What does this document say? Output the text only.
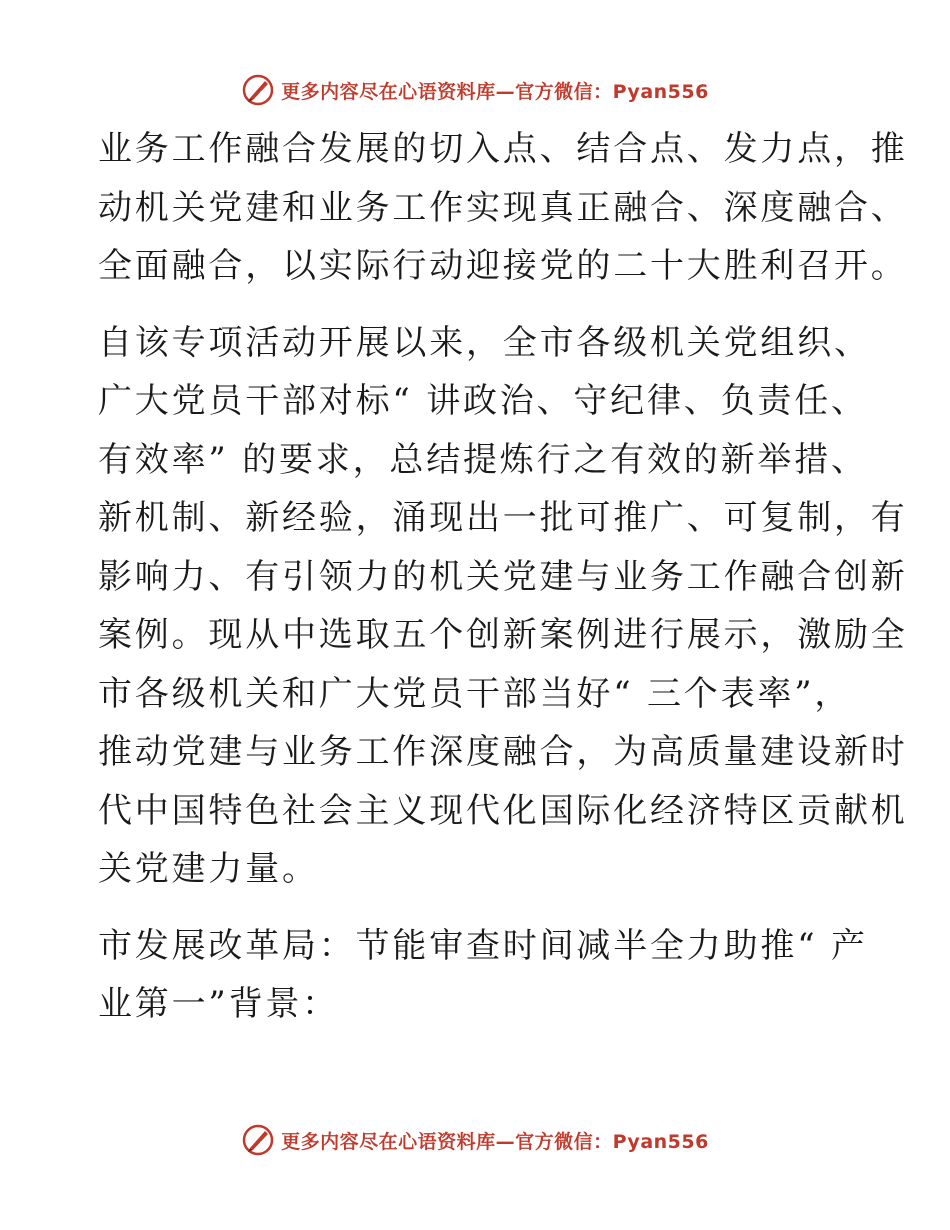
更多内容尽在心语资料库—官方微信：Pyan556

业务工作融合发展的切入点、结合点、发力点，推
动机关党建和业务工作实现真正融合、深度融合、
全面融合，以实际行动迎接党的二十大胜利召开。

自该专项活动开展以来，全市各级机关党组织、
广大党员干部对标“ 讲政治、守纪律、负责任、
有效率” 的要求，总结提炼行之有效的新举措、
新机制、新经验，涌现出一批可推广、可复制，有
影响力、有引领力的机关党建与业务工作融合创新
案例。现从中选取五个创新案例进行展示，激励全
市各级机关和广大党员干部当好“ 三个表率”，
推动党建与业务工作深度融合，为高质量建设新时
代中国特色社会主义现代化国际化经济特区贡献机
关党建力量。

市发展改革局：节能审查时间减半全力助推“ 产
业第一”背景：

更多内容尽在心语资料库—官方微信：Pyan556
